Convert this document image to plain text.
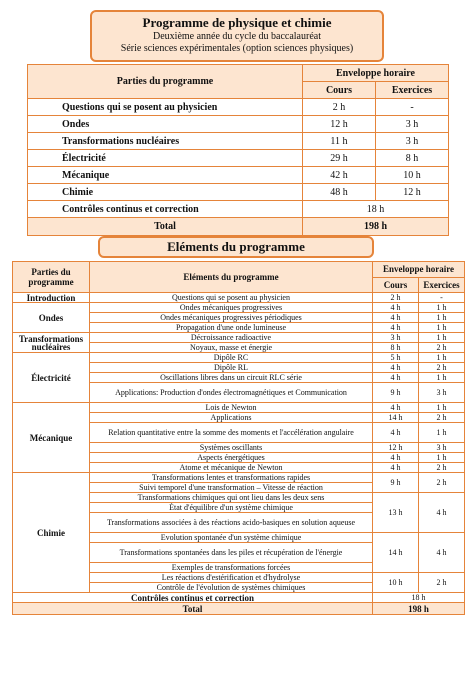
Programme de physique et chimie
Deuxième année du cycle du baccalauréat
Série sciences expérimentales (option sciences physiques)
Parties du programme	Enveloppe horaire	
	Cours	Exercices
Questions qui se posent au physicien	2 h	-
Ondes	12 h	3 h
Transformations nucléaires	11 h	3 h
Électricité	29 h	8 h
Mécanique	42 h	10 h
Chimie	48 h	12 h
Contrôles continus et correction	18 h	
Total	198 h	
Eléments du programme
Parties du programme	Eléments du programme	Enveloppe horaire	
		Cours	Exercices
Introduction	Questions qui se posent au physicien	2 h	-
Ondes	Ondes mécaniques progressives	4 h	1 h
	Ondes mécaniques progressives périodiques	4 h	1 h
	Propagation d'une onde lumineuse	4 h	1 h
Transformations nucléaires	Décroissance radioactive	3 h	1 h
	Noyaux, masse et énergie	8 h	2 h
Électricité	Dipôle RC	5 h	1 h
	Dipôle RL	4 h	2 h
	Oscillations libres dans un circuit RLC série	4 h	1 h
	Applications: Production d'ondes électromagnétiques et Communication	9 h	3 h
Mécanique	Lois de Newton	4 h	1 h
	Applications	14 h	2 h
	Relation quantitative entre la somme des moments et l'accélération angulaire	4 h	1 h
	Systèmes oscillants	12 h	3 h
	Aspects énergétiques	4 h	1 h
	Atome et mécanique de Newton	4 h	2 h
Chimie	Transformations lentes et transformations rapides	9 h	2 h
	Suivi temporel d'une transformation – Vitesse de réaction		
	Transformations chimiques qui ont lieu dans les deux sens	13 h	4 h
	État d'équilibre d'un système chimique		
	Transformations associées à des réactions acido-basiques en solution aqueuse		
	Evolution spontanée d'un système chimique	14 h	4 h
	Transformations spontanées dans les piles et récupération de l'énergie		
	Exemples de transformations forcées		
	Les réactions d'estérification et d'hydrolyse	10 h	2 h
	Contrôle de l'évolution de systèmes chimiques		
Contrôles continus et correction		18 h	
Total		198 h	
